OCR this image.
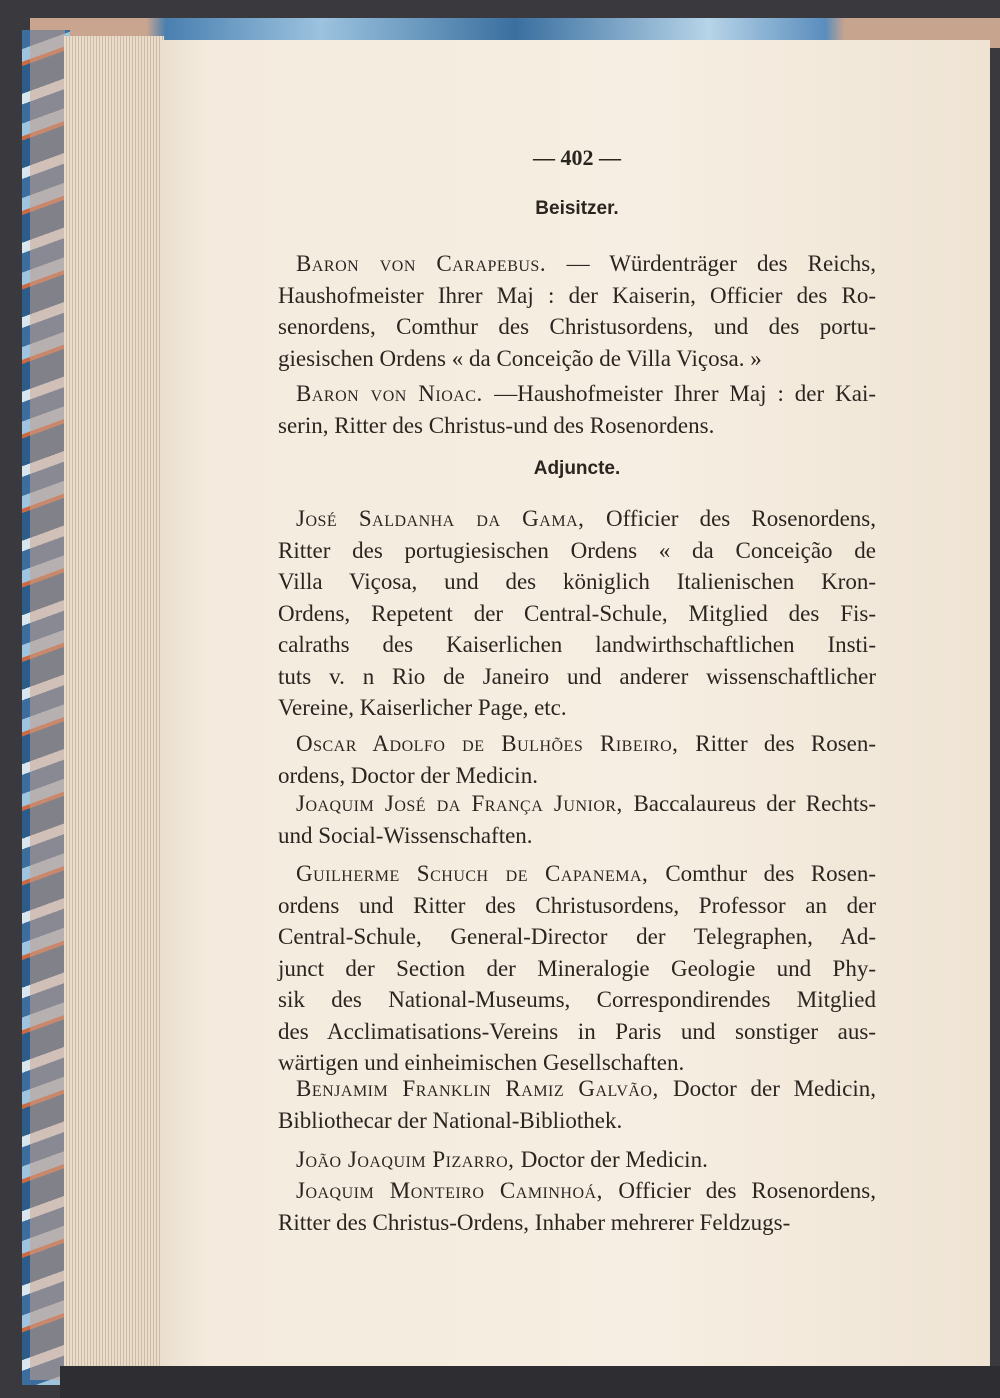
— 402 —
Beisitzer.
Baron von Carapebus. — Würdenträger des Reichs,
Haushofmeister Ihrer Maj : der Kaiserin, Officier des Ro-
senordens, Comthur des Christusordens, und des portu-
giesischen Ordens « da Conceição de Villa Viçosa. »
Baron von Nioac. —Haushofmeister Ihrer Maj : der Kai-
serin, Ritter des Christus-und des Rosenordens.
Adjuncte.
José Saldanha da Gama, Officier des Rosenordens,
Ritter des portugiesischen Ordens « da Conceição de
Villa Viçosa, und des königlich Italienischen Kron-
Ordens, Repetent der Central-Schule, Mitglied des Fis-
calraths des Kaiserlichen landwirthschaftlichen Insti-
tuts v. n Rio de Janeiro und anderer wissenschaftlicher
Vereine, Kaiserlicher Page, etc.
Oscar Adolfo de Bulhões Ribeiro, Ritter des Rosen-
ordens, Doctor der Medicin.
Joaquim José da França Junior, Baccalaureus der Rechts-
und Social-Wissenschaften.
Guilherme Schuch de Capanema, Comthur des Rosen-
ordens und Ritter des Christusordens, Professor an der
Central-Schule, General-Director der Telegraphen, Ad-
junct der Section der Mineralogie Geologie und Phy-
sik des National-Museums, Correspondirendes Mitglied
des Acclimatisations-Vereins in Paris und sonstiger aus-
wärtigen und einheimischen Gesellschaften.
Benjamim Franklin Ramiz Galvão, Doctor der Medicin,
Bibliothecar der National-Bibliothek.
João Joaquim Pizarro, Doctor der Medicin.
Joaquim Monteiro Caminhoá, Officier des Rosenordens,
Ritter des Christus-Ordens, Inhaber mehrerer Feldzugs-
